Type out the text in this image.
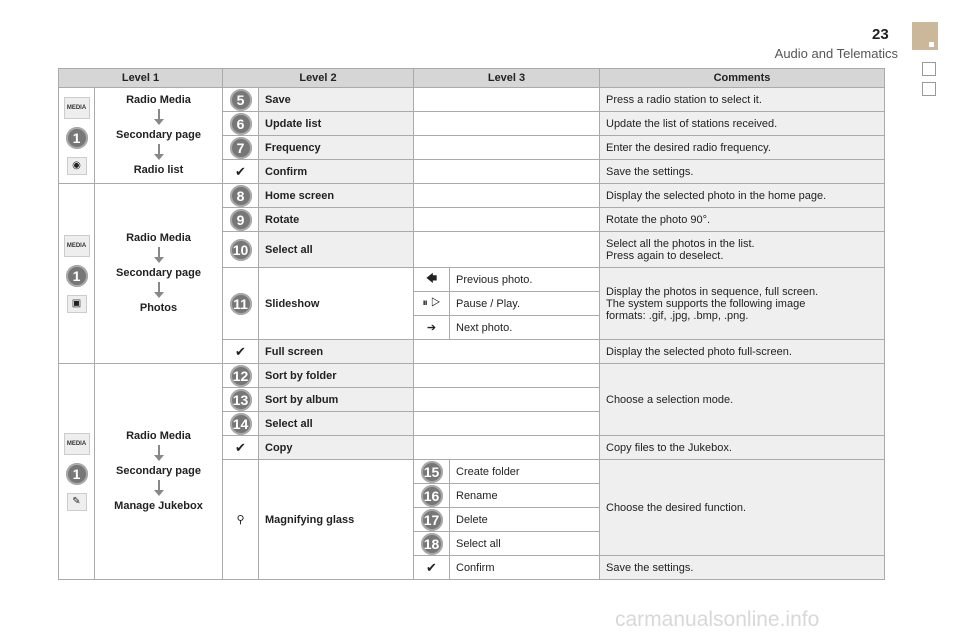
23
Audio and Telematics
carmanualsonline.info
Level 1		Level 2		Level 3		Comments

MEDIA
1
◉	Radio Media
Secondary page
Radio list	5	Save			Press a radio station to select it.
		6	Update list			Update the list of stations received.
		7	Frequency			Enter the desired radio frequency.
		✔	Confirm			Save the settings.

MEDIA
1
▣	Radio Media
Secondary page
Photos	8	Home screen			Display the selected photo in the home page.
		9	Rotate			Rotate the photo 90°.
		10	Select all			Select all the photos in the list.
Press again to deselect.

		11	Slideshow	🡄	Previous photo.	Display the photos in sequence, full screen.
The system supports the following image
formats: .gif, .jpg, .bmp, .png.

				⏸ ▷	Pause / Play.	
				➔	Next photo.	
		✔	Full screen			Display the selected photo full-screen.

MEDIA
1
✎	Radio Media
Secondary page
Manage Jukebox	12	Sort by folder			Choose a selection mode.
		13	Sort by album			
		14	Select all			
		✔	Copy			Copy files to the Jukebox.
		⚲	Magnifying glass	15	Create folder	Choose the desired function.
				16	Rename	
				17	Delete	
				18	Select all	
				✔	Confirm	Save the settings.
